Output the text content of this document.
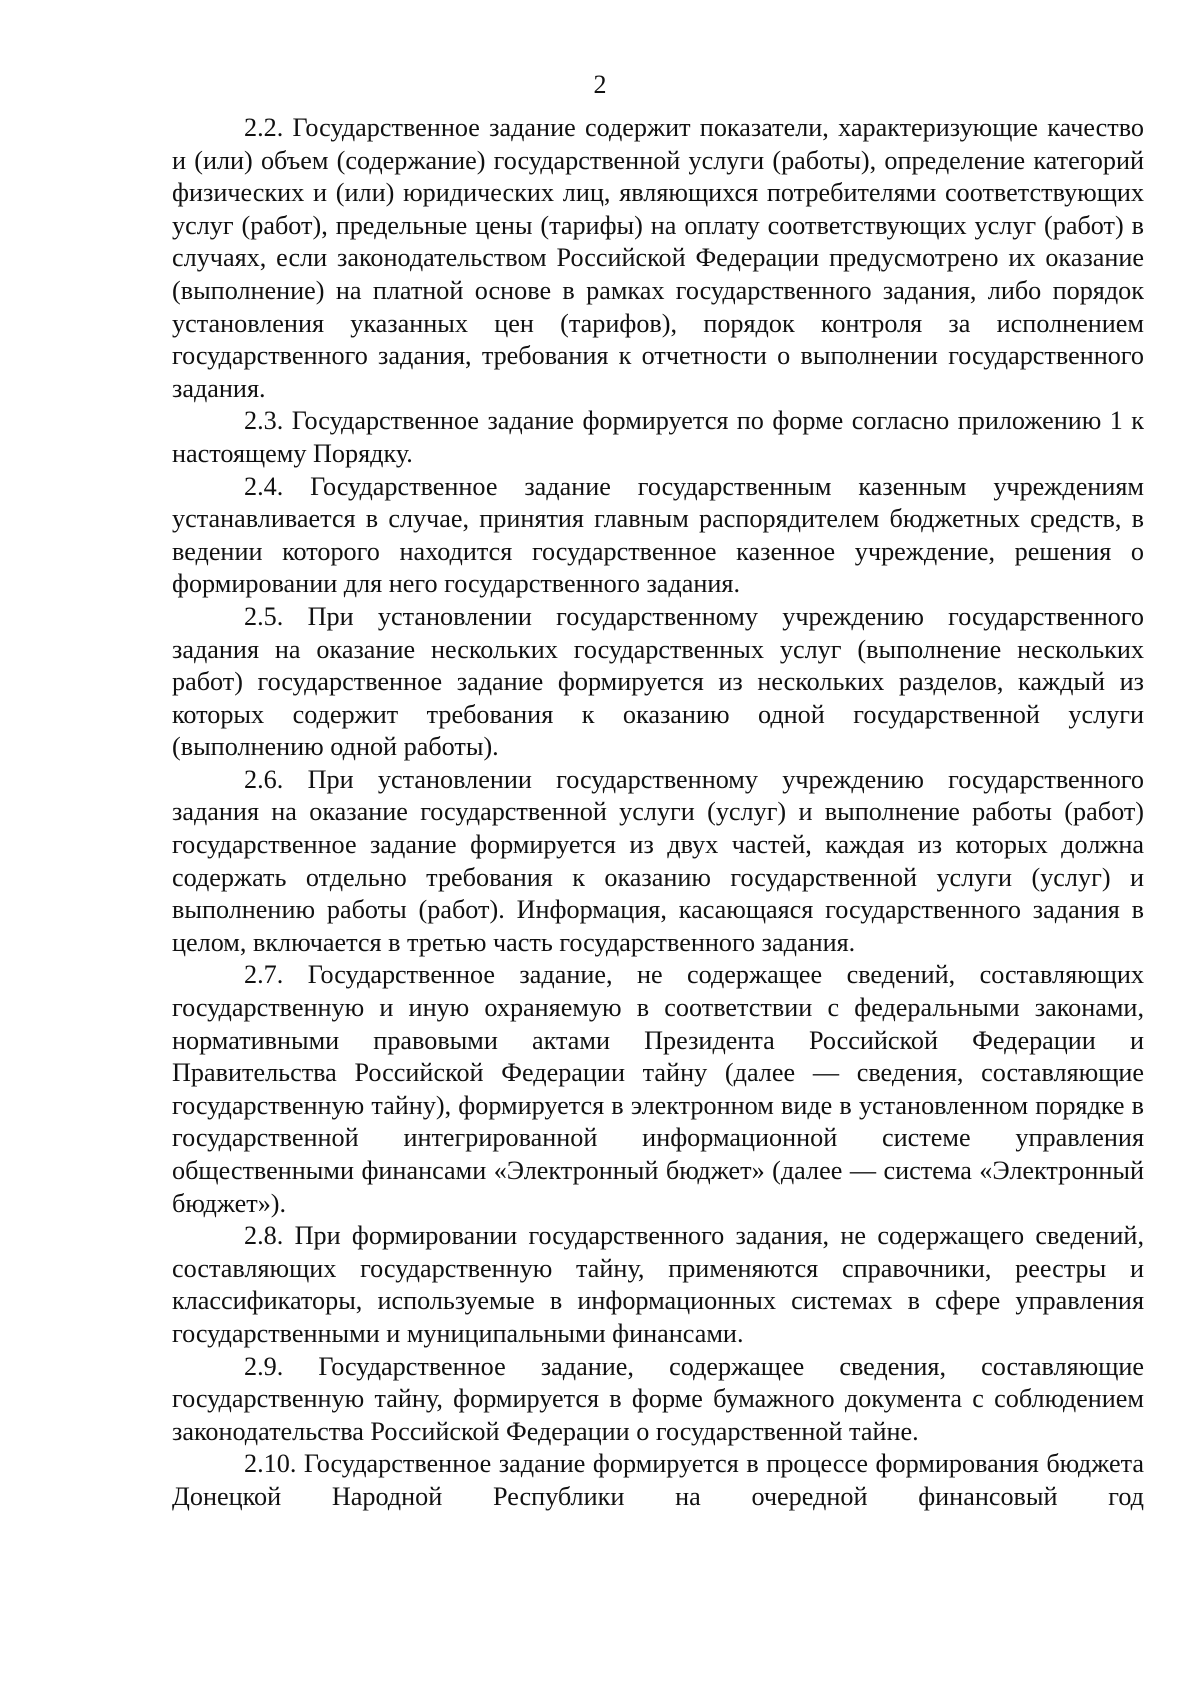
2

2.2. Государственное задание содержит показатели, характеризующие качество и (или) объем (содержание) государственной услуги (работы), определение категорий физических и (или) юридических лиц, являющихся потребителями соответствующих услуг (работ), предельные цены (тарифы) на оплату соответствующих услуг (работ) в случаях, если законодательством Российской Федерации предусмотрено их оказание (выполнение) на платной основе в рамках государственного задания, либо порядок установления указанных цен (тарифов), порядок контроля за исполнением государственного задания, требования к отчетности о выполнении государственного задания.

2.3. Государственное задание формируется по форме согласно приложению 1 к настоящему Порядку.

2.4. Государственное задание государственным казенным учреждениям устанавливается в случае, принятия главным распорядителем бюджетных средств, в ведении которого находится государственное казенное учреждение, решения о формировании для него государственного задания.

2.5. При установлении государственному учреждению государственного задания на оказание нескольких государственных услуг (выполнение нескольких работ) государственное задание формируется из нескольких разделов, каждый из которых содержит требования к оказанию одной государственной услуги (выполнению одной работы).

2.6. При установлении государственному учреждению государственного задания на оказание государственной услуги (услуг) и выполнение работы (работ) государственное задание формируется из двух частей, каждая из которых должна содержать отдельно требования к оказанию государственной услуги (услуг) и выполнению работы (работ). Информация, касающаяся государственного задания в целом, включается в третью часть государственного задания.

2.7. Государственное задание, не содержащее сведений, составляющих государственную и иную охраняемую в соответствии с федеральными законами, нормативными правовыми актами Президента Российской Федерации и Правительства Российской Федерации тайну (далее — сведения, составляющие государственную тайну), формируется в электронном виде в установленном порядке в государственной интегрированной информационной системе управления общественными финансами «Электронный бюджет» (далее — система «Электронный бюджет»).

2.8. При формировании государственного задания, не содержащего сведений, составляющих государственную тайну, применяются справочники, реестры и классификаторы, используемые в информационных системах в сфере управления государственными и муниципальными финансами.

2.9. Государственное задание, содержащее сведения, составляющие государственную тайну, формируется в форме бумажного документа с соблюдением законодательства Российской Федерации о государственной тайне.

2.10. Государственное задание формируется в процессе формирования бюджета Донецкой Народной Республики на очередной финансовый год
